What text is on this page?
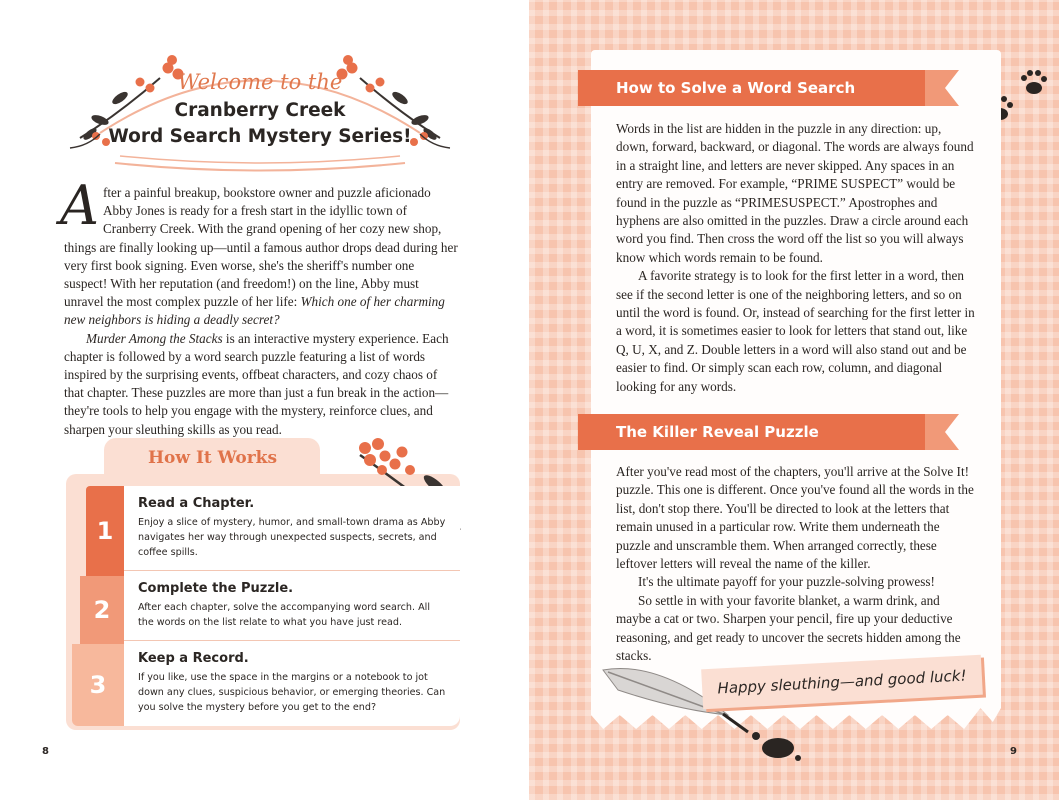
Welcome to the
Cranberry Creek
Word Search Mystery Series!

After a painful breakup, bookstore owner and puzzle aficionado Abby Jones is ready for a fresh start in the idyllic town of Cranberry Creek. With the grand opening of her cozy new shop, things are finally looking up—until a famous author drops dead during her very first book signing. Even worse, she's the sheriff's number one suspect! With her reputation (and freedom!) on the line, Abby must unravel the most complex puzzle of her life: Which one of her charming new neighbors is hiding a deadly secret?

Murder Among the Stacks is an interactive mystery experience. Each chapter is followed by a word search puzzle featuring a list of words inspired by the surprising events, offbeat characters, and cozy chaos of that chapter. These puzzles are more than just a fun break in the action—they're tools to help you engage with the mystery, reinforce clues, and sharpen your sleuthing skills as you read.

How It Works
1
2
3
Read a Chapter.
Enjoy a slice of mystery, humor, and small-town drama as Abby navigates her way through unexpected suspects, secrets, and coffee spills.
Complete the Puzzle.
After each chapter, solve the accompanying word search. All the words on the list relate to what you have just read.
Keep a Record.
If you like, use the space in the margins or a notebook to jot down any clues, suspicious behavior, or emerging theories. Can you solve the mystery before you get to the end?
8
How to Solve a Word Search

Words in the list are hidden in the puzzle in any direction: up, down, forward, backward, or diagonal. The words are always found in a straight line, and letters are never skipped. Any spaces in an entry are removed. For example, “PRIME SUSPECT” would be found in the puzzle as “PRIMESUSPECT.” Apostrophes and hyphens are also omitted in the puzzles. Draw a circle around each word you find. Then cross the word off the list so you will always know which words remain to be found.

A favorite strategy is to look for the first letter in a word, then see if the second letter is one of the neighboring letters, and so on until the word is found. Or, instead of searching for the first letter in a word, it is sometimes easier to look for letters that stand out, like Q, U, X, and Z. Double letters in a word will also stand out and be easier to find. Or simply scan each row, column, and diagonal looking for any words.

The Killer Reveal Puzzle

After you've read most of the chapters, you'll arrive at the Solve It! puzzle. This one is different. Once you've found all the words in the list, don't stop there. You'll be directed to look at the letters that remain unused in a particular row. Write them underneath the puzzle and unscramble them. When arranged correctly, these leftover letters will reveal the name of the killer.

It's the ultimate payoff for your puzzle-solving prowess!

So settle in with your favorite blanket, a warm drink, and maybe a cat or two. Sharpen your pencil, fire up your deductive reasoning, and get ready to uncover the secrets hidden among the stacks.

Happy sleuthing—and good luck!
9
